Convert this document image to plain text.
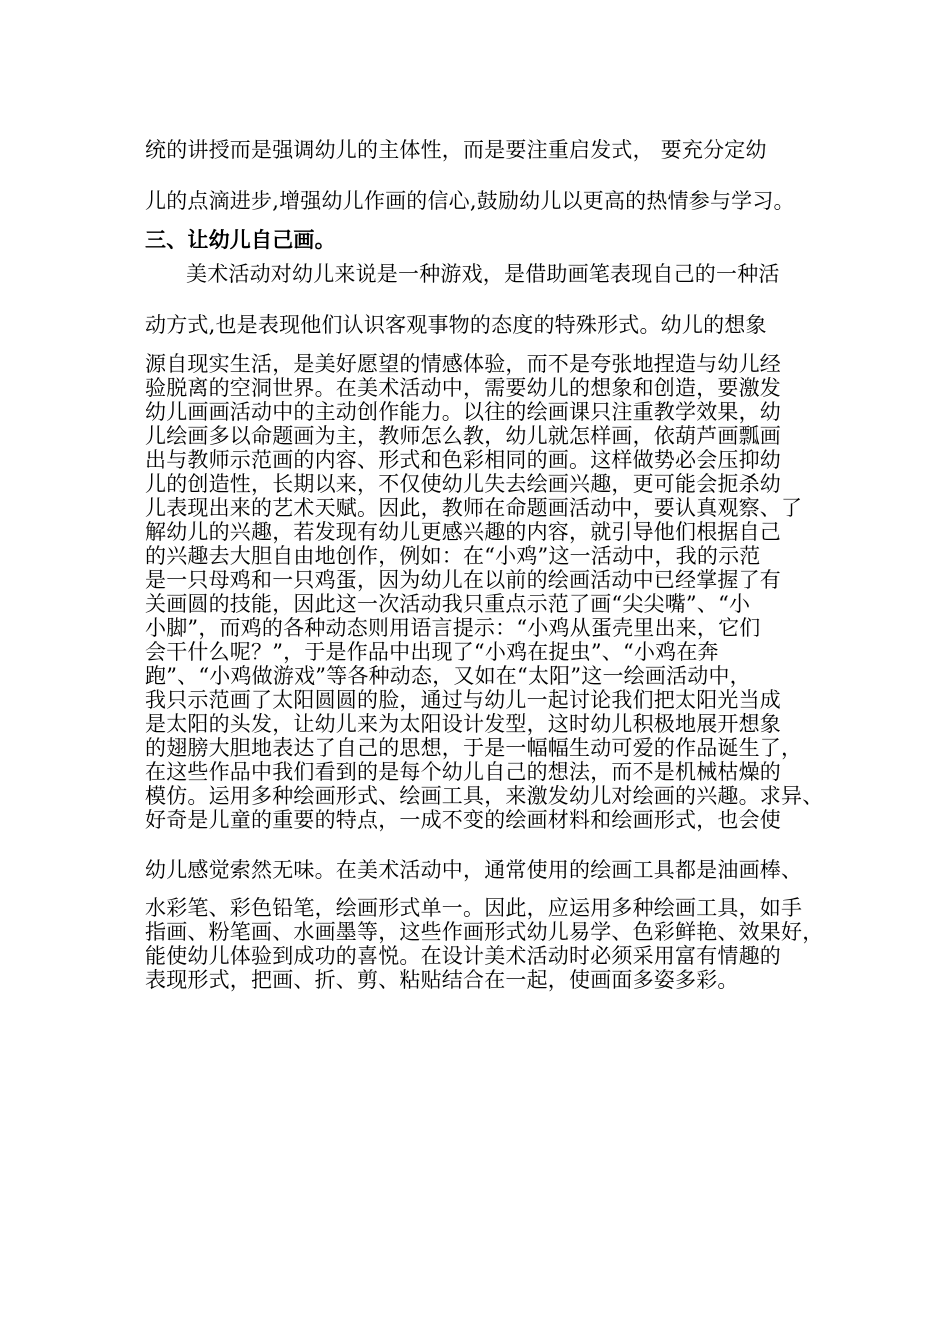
统的讲授而是强调幼儿的主体性，而是要注重启发式， 要充分定幼
儿的点滴进步,增强幼儿作画的信心,鼓励幼儿以更高的热情参与学习。
三、让幼儿自己画。
美术活动对幼儿来说是一种游戏，是借助画笔表现自己的一种活
动方式,也是表现他们认识客观事物的态度的特殊形式。幼儿的想象
源自现实生活，是美好愿望的情感体验，而不是夸张地捏造与幼儿经
验脱离的空洞世界。在美术活动中，需要幼儿的想象和创造，要激发
幼儿画画活动中的主动创作能力。以往的绘画课只注重教学效果，幼
儿绘画多以命题画为主，教师怎么教，幼儿就怎样画，依葫芦画瓢画
出与教师示范画的内容、形式和色彩相同的画。这样做势必会压抑幼
儿的创造性，长期以来，不仅使幼儿失去绘画兴趣，更可能会扼杀幼
儿表现出来的艺术天赋。因此，教师在命题画活动中，要认真观察、了
解幼儿的兴趣，若发现有幼儿更感兴趣的内容，就引导他们根据自己
的兴趣去大胆自由地创作，例如：在“小鸡”这一活动中，我的示范
是一只母鸡和一只鸡蛋，因为幼儿在以前的绘画活动中已经掌握了有
关画圆的技能，因此这一次活动我只重点示范了画“尖尖嘴”、“小
小脚”，而鸡的各种动态则用语言提示：“小鸡从蛋壳里出来，它们
会干什么呢？”，于是作品中出现了“小鸡在捉虫”、“小鸡在奔
跑”、“小鸡做游戏”等各种动态，又如在“太阳”这一绘画活动中，
我只示范画了太阳圆圆的脸，通过与幼儿一起讨论我们把太阳光当成
是太阳的头发，让幼儿来为太阳设计发型，这时幼儿积极地展开想象
的翅膀大胆地表达了自己的思想，于是一幅幅生动可爱的作品诞生了，
在这些作品中我们看到的是每个幼儿自己的想法，而不是机械枯燥的
模仿。运用多种绘画形式、绘画工具，来激发幼儿对绘画的兴趣。求异、
好奇是儿童的重要的特点，一成不变的绘画材料和绘画形式，也会使
幼儿感觉索然无味。在美术活动中，通常使用的绘画工具都是油画棒、
水彩笔、彩色铅笔，绘画形式单一。因此，应运用多种绘画工具，如手
指画、粉笔画、水画墨等，这些作画形式幼儿易学、色彩鲜艳、效果好，
能使幼儿体验到成功的喜悦。在设计美术活动时必须采用富有情趣的
表现形式，把画、折、剪、粘贴结合在一起，使画面多姿多彩。
